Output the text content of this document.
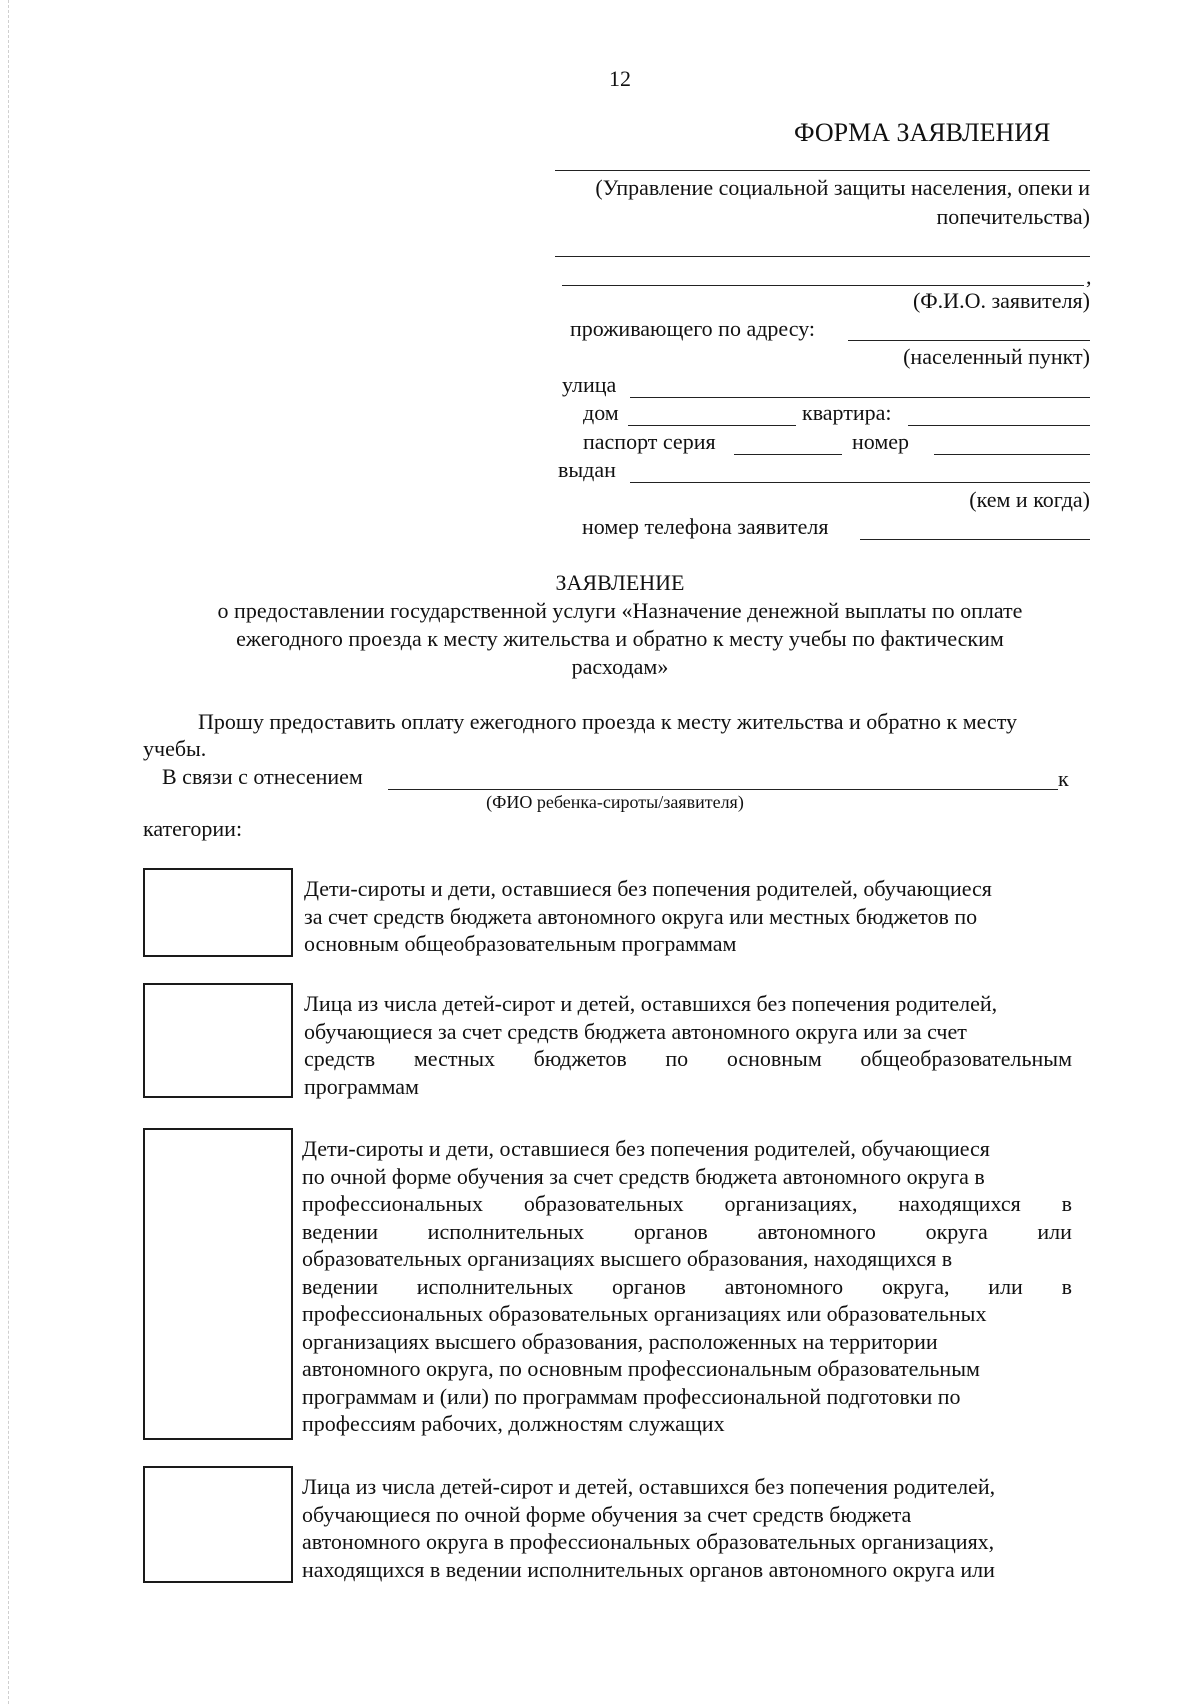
12
ФОРМА ЗАЯВЛЕНИЯ
(Управление социальной защиты населения, опеки и
попечительства)
,
(Ф.И.О. заявителя)
проживающего по адресу:
(населенный пункт)
улица
дом	квартира:
паспорт серия	номер
выдан
(кем и когда)
номер телефона заявителя
ЗАЯВЛЕНИЕ
о предоставлении государственной услуги «Назначение денежной выплаты по оплате
ежегодного проезда к месту жительства и обратно к месту учебы по фактическим
расходам»
Прошу предоставить оплату ежегодного проезда к месту жительства и обратно к месту
учебы.
В связи с отнесением	к
(ФИО ребенка-сироты/заявителя)
категории:
Дети-сироты и дети, оставшиеся без попечения родителей, обучающиеся
за счет средств бюджета автономного округа или местных бюджетов по
основным общеобразовательным программам
Лица из числа детей-сирот и детей, оставшихся без попечения родителей,
обучающиеся за счет средств бюджета автономного округа или за счет
средств местных бюджетов по основным общеобразовательным
программам
Дети-сироты и дети, оставшиеся без попечения родителей, обучающиеся
по очной форме обучения за счет средств бюджета автономного округа в
профессиональных образовательных организациях, находящихся в
ведении исполнительных органов автономного округа или
образовательных организациях высшего образования, находящихся в
ведении исполнительных органов автономного округа, или в
профессиональных образовательных организациях или образовательных
организациях высшего образования, расположенных на территории
автономного округа, по основным профессиональным образовательным
программам и (или) по программам профессиональной подготовки по
профессиям рабочих, должностям служащих
Лица из числа детей-сирот и детей, оставшихся без попечения родителей,
обучающиеся по очной форме обучения за счет средств бюджета
автономного округа в профессиональных образовательных организациях,
находящихся в ведении исполнительных органов автономного округа или
